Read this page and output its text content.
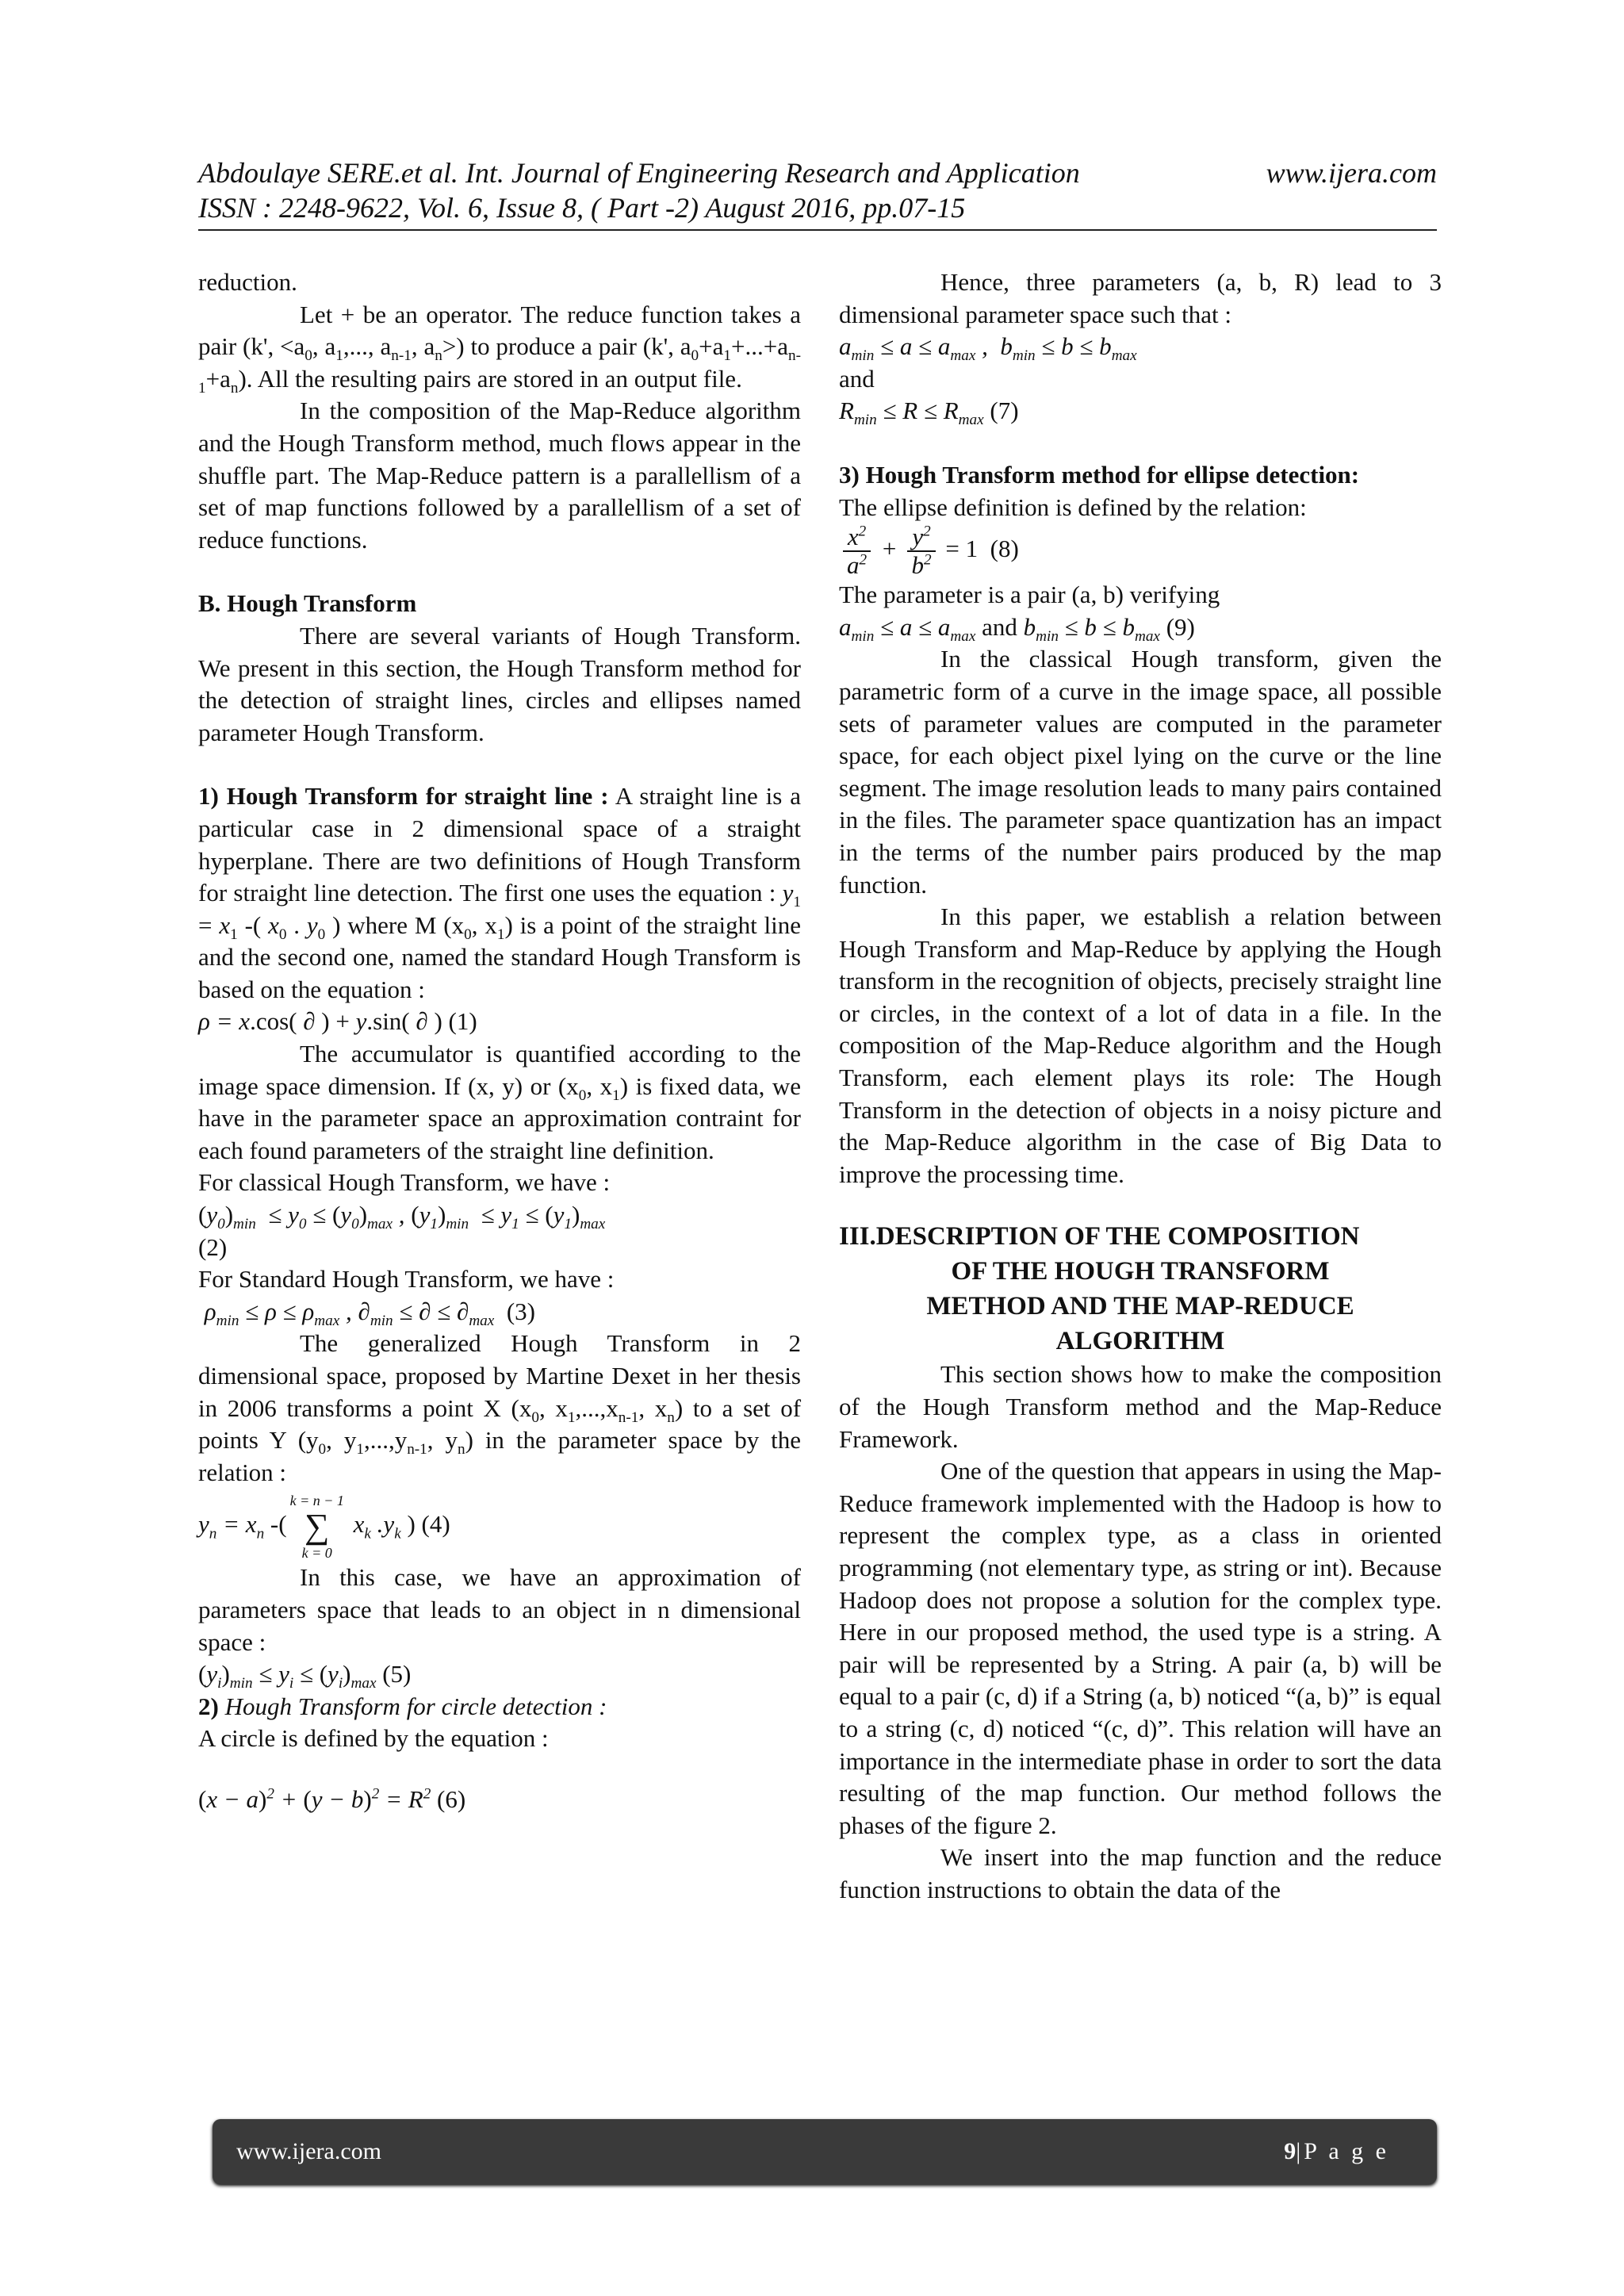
Abdoulaye SERE.et al. Int. Journal of Engineering Research and Application	www.ijera.com
ISSN : 2248-9622, Vol. 6, Issue 8, ( Part -2) August 2016, pp.07-15

reduction.

Let + be an operator. The reduce function takes a pair (k', $<a_0$, $a_1$,..., $a_{n-1}$, $a_n>$) to produce a pair (k', $a_0+a_1+...+a_{n-1}+a_n$). All the resulting pairs are stored in an output file.

In the composition of the Map-Reduce algorithm and the Hough Transform method, much flows appear in the shuffle part. The Map-Reduce pattern is a parallellism of a set of map functions followed by a parallellism of a set of reduce functions.

B. Hough Transform

There are several variants of Hough Transform. We present in this section, the Hough Transform method for the detection of straight lines, circles and ellipses named parameter Hough Transform.

1) Hough Transform for straight line : A straight line is a particular case in 2 dimensional space of a straight hyperplane. There are two definitions of Hough Transform for straight line detection. The first one uses the equation : $y_1 = x_1$ -( $x_0$ . $y_0$ ) where M ($x_0$, $x_1$) is a point of the straight line and the second one, named the standard Hough Transform is based on the equation :

ρ = x.cos( ∂ ) + y.sin( ∂ ) (1)

The accumulator is quantified according to the image space dimension. If (x, y) or ($x_0$, $x_1$) is fixed data, we have in the parameter space an approximation contraint for each found parameters of the straight line definition.

For classical Hough Transform, we have :

$(y_0)_{min} \le y_0 \le (y_0)_{max}$ , $(y_1)_{min} \le y_1 \le (y_1)_{max}$

(2)

For Standard Hough Transform, we have :

$\rho_{min} \le \rho \le \rho_{max}$ , $\partial_{min}$ ≤ ∂ ≤ $\partial_{max}$ (3)

The generalized Hough Transform in 2 dimensional space, proposed by Martine Dexet in her thesis in 2006 transforms a point X ($x_0$, $x_1,...,x_{n-1}$, $x_n$) to a set of points Y ($y_0$, $y_1,...,y_{n-1}$, $y_n$) in the parameter space by the relation :

$y_n = x_n$ -(
k = n − 1
∑
k = 0
$x_k$ $.y_k$ ) (4)

In this case, we have an approximation of parameters space that leads to an object in n dimensional space :

$(y_i)_{min} \le y_i \le (y_i)_{max}$ (5)

2) Hough Transform for circle detection :

A circle is defined by the equation :

$(x - a)^2 + (y - b)^2 = R^2$ (6)

Hence, three parameters (a, b, R) lead to 3 dimensional parameter space such that :

$a_{min} \le a \le a_{max}$ ,  $b_{min} \le b \le b_{max}$

and

$R_{min} \le R \le R_{max}$ (7)

3) Hough Transform method for ellipse detection:

The ellipse definition is defined by the relation:

$\frac{x^2}{a^2} + \frac{y^2}{b^2} = 1$ (8)

The parameter is a pair (a, b) verifying

$a_{min} \le a \le a_{max}$ and $b_{min} \le b \le b_{max}$ (9)

In the classical Hough transform, given the parametric form of a curve in the image space, all possible sets of parameter values are computed in the parameter space, for each object pixel lying on the curve or the line segment. The image resolution leads to many pairs contained in the files. The parameter space quantization has an impact in the terms of the number pairs produced by the map function.

In this paper, we establish a relation between Hough Transform and Map-Reduce by applying the Hough transform in the recognition of objects, precisely straight line or circles, in the context of a lot of data in a file. In the composition of the Map-Reduce algorithm and the Hough Transform, each element plays its role: The Hough Transform in the detection of objects in a noisy picture and the Map-Reduce algorithm in the case of Big Data to improve the processing time.

III.DESCRIPTION OF THE COMPOSITION
OF THE HOUGH TRANSFORM
METHOD AND THE MAP-REDUCE
ALGORITHM

This section shows how to make the composition of the Hough Transform method and the Map-Reduce Framework.

One of the question that appears in using the Map-Reduce framework implemented with the Hadoop is how to represent the complex type, as a class in oriented programming (not elementary type, as string or int). Because Hadoop does not propose a solution for the complex type. Here in our proposed method, the used type is a string. A pair will be represented by a String. A pair (a, b) will be equal to a pair (c, d) if a String (a, b) noticed “(a, b)” is equal to a string (c, d) noticed “(c, d)”. This relation will have an importance in the intermediate phase in order to sort the data resulting of the map function. Our method follows the phases of the figure 2.

We insert into the map function and the reduce function instructions to obtain the data of the

www.ijera.com	9|P a g e
